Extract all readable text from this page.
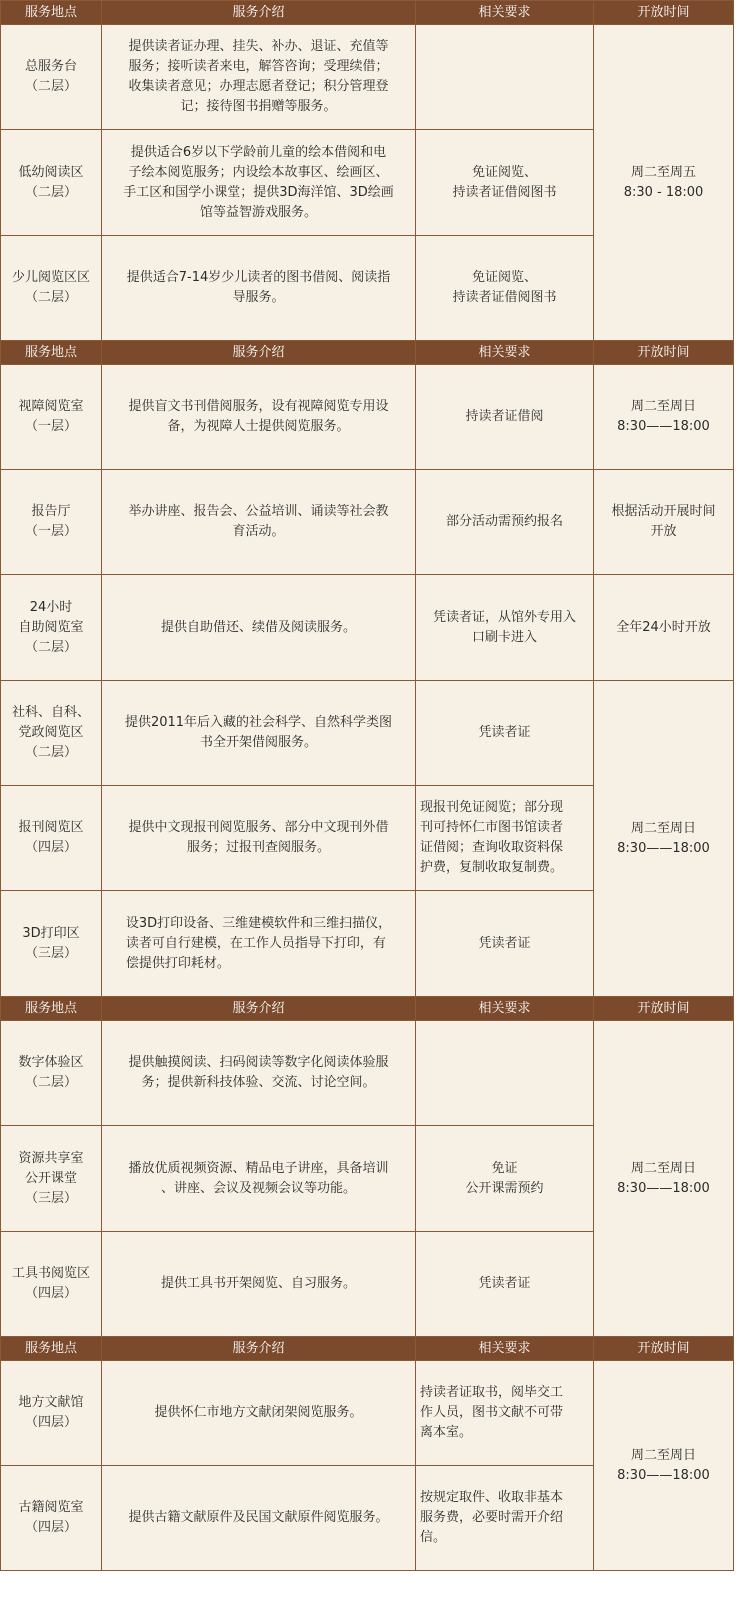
服务地点	服务介绍	相关要求	开放时间
总服务台
（二层）	提供读者证办理、挂失、补办、退证、充值等
服务；接听读者来电，解答咨询；受理续借；
收集读者意见；办理志愿者登记；积分管理登
记；接待图书捐赠等服务。		周二至周五
8:30 - 18:00
低幼阅读区
（二层）	提供适合6岁以下学龄前儿童的绘本借阅和电
子绘本阅览服务；内设绘本故事区、绘画区、
手工区和国学小课堂；提供3D海洋馆、3D绘画
馆等益智游戏服务。	免证阅览、
持读者证借阅图书	
少儿阅览区区
（二层）	提供适合7-14岁少儿读者的图书借阅、阅读指
导服务。	免证阅览、
持读者证借阅图书	
服务地点	服务介绍	相关要求	开放时间
视障阅览室
（一层）	提供盲文书刊借阅服务，设有视障阅览专用设
备，为视障人士提供阅览服务。	持读者证借阅	周二至周日
8:30——18:00
报告厅
（一层）	举办讲座、报告会、公益培训、诵读等社会教
育活动。	部分活动需预约报名	根据活动开展时间
开放
24小时
自助阅览室
（二层）	提供自助借还、续借及阅读服务。	凭读者证，从馆外专用入
口刷卡进入	全年24小时开放
社科、自科、
党政阅览区
（二层）	提供2011年后入藏的社会科学、自然科学类图
书全开架借阅服务。	凭读者证	周二至周日
8:30——18:00
报刊阅览区
（四层）	提供中文现报刊阅览服务、部分中文现刊外借
服务；过报刊查阅服务。	现报刊免证阅览；部分现
刊可持怀仁市图书馆读者
证借阅；查询收取资料保
护费，复制收取复制费。	
3D打印区
（三层）	设3D打印设备、三维建模软件和三维扫描仪，
读者可自行建模，在工作人员指导下打印，有
偿提供打印耗材。	凭读者证	
服务地点	服务介绍	相关要求	开放时间
数字体验区
（二层）	提供触摸阅读、扫码阅读等数字化阅读体验服
务；提供新科技体验、交流、讨论空间。		周二至周日
8:30——18:00
资源共享室
公开课堂
（三层）	播放优质视频资源、精品电子讲座，具备培训
、讲座、会议及视频会议等功能。	免证
公开课需预约	
工具书阅览区
（四层）	提供工具书开架阅览、自习服务。	凭读者证	
服务地点	服务介绍	相关要求	开放时间
地方文献馆
（四层）	提供怀仁市地方文献闭架阅览服务。	持读者证取书，阅毕交工
作人员，图书文献不可带
离本室。	周二至周日
8:30——18:00
古籍阅览室
（四层）	提供古籍文献原件及民国文献原件阅览服务。	按规定取件、收取非基本
服务费，必要时需开介绍
信。	
